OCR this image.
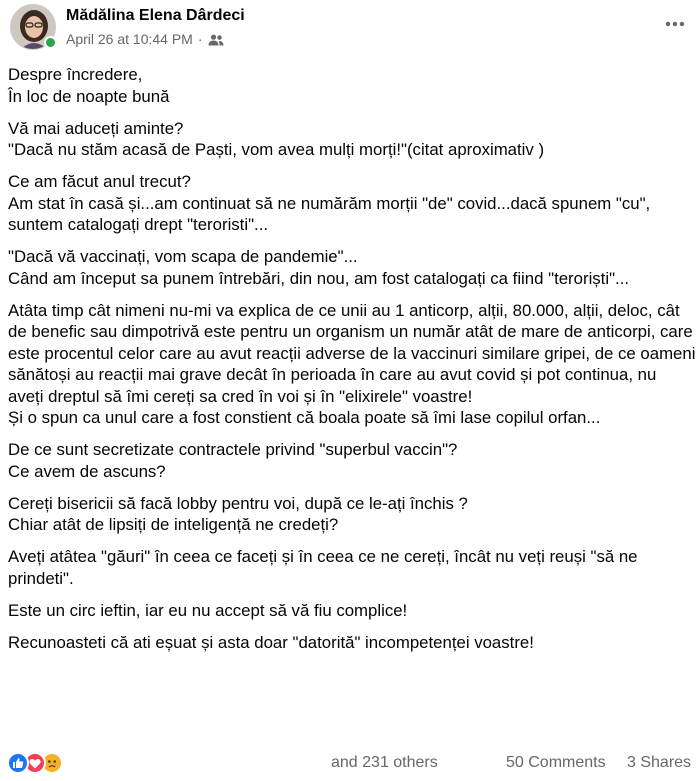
Mădălina Elena Dârdeci
April 26 at 10:44 PM ·

Despre încredere,
În loc de noapte bună

Vă mai aduceți aminte?
"Dacă nu stăm acasă de Paști, vom avea mulți morți!"(citat aproximativ )

Ce am făcut anul trecut?
Am stat în casă și...am continuat să ne numărăm morții "de" covid...dacă spunem "cu", suntem catalogați drept "teroristi"...

"Dacă vă vaccinați, vom scapa de pandemie"...
Când am început sa punem întrebări, din nou, am fost catalogați ca fiind "teroriști"...

Atâta timp cât nimeni nu-mi va explica de ce unii au 1 anticorp, alții, 80.000, alții, deloc, cât de benefic sau dimpotrivă este pentru un organism un număr atât de mare de anticorpi, care este procentul celor care au avut reacții adverse de la vaccinuri similare gripei, de ce oameni sănătoși au reacții mai grave decât în perioada în care au avut covid și pot continua, nu aveți dreptul să îmi cereți sa cred în voi și în "elixirele" voastre!
Și o spun ca unul care a fost constient că boala poate să îmi lase copilul orfan...

De ce sunt secretizate contractele privind "superbul vaccin"?
Ce avem de ascuns?

Cereți bisericii să facă lobby pentru voi, după ce le-ați închis ?
Chiar atât de lipsiți de inteligență ne credeți?

Aveți atâtea "găuri" în ceea ce faceți și în ceea ce ne cereți, încât nu veți reuși "să ne prindeti".

Este un circ ieftin, iar eu nu accept să vă fiu complice!

Recunoasteti că ati eșuat și asta doar "datorită" incompetenței voastre!

and 231 others	50 Comments 3 Shares
